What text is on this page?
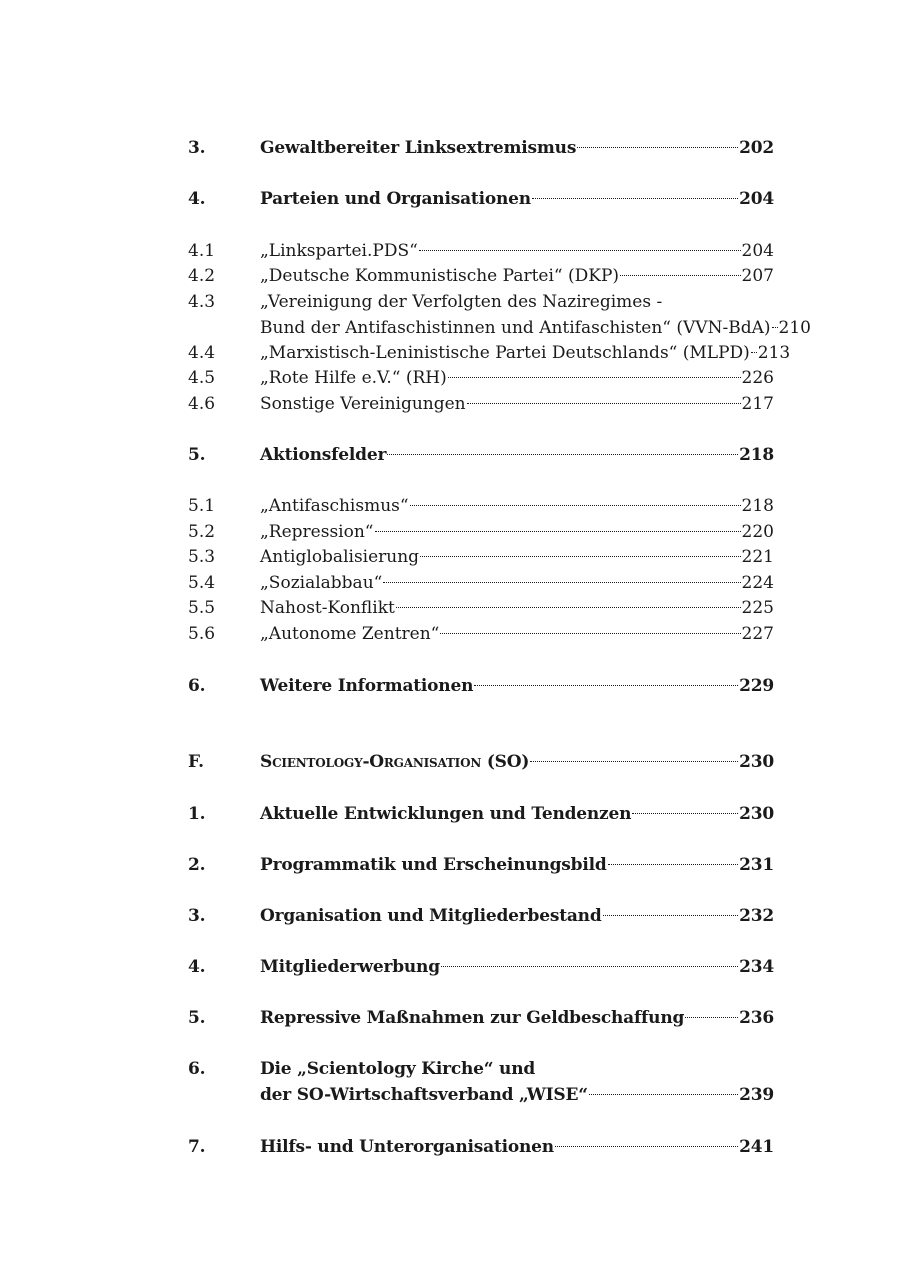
3.	Gewaltbereiter Linksextremismus	202
4.	Parteien und Organisationen	204
4.1	„Linkspartei.PDS“	204
4.2	„Deutsche Kommunistische Partei“ (DKP)	207
4.3	„Vereinigung der Verfolgten des Naziregimes -
Bund der Antifaschistinnen und Antifaschisten“ (VVN-BdA) 210
4.4	„Marxistisch-Leninistische Partei Deutschlands“ (MLPD) 213
4.5	„Rote Hilfe e.V.“ (RH)	226
4.6	Sonstige Vereinigungen	217
5.	Aktionsfelder	218
5.1	„Antifaschismus“	218
5.2	„Repression“	220
5.3	Antiglobalisierung	221
5.4	„Sozialabbau“	224
5.5	Nahost-Konflikt	225
5.6	„Autonome Zentren“	227
6.	Weitere Informationen	229
F.	Scientology-Organisation (SO)	230
1.	Aktuelle Entwicklungen und Tendenzen	230
2.	Programmatik und Erscheinungsbild	231
3.	Organisation und Mitgliederbestand	232
4.	Mitgliederwerbung	234
5.	Repressive Maßnahmen zur Geldbeschaffung	236
6.	Die „Scientology Kirche“ und
der SO-Wirtschaftsverband „WISE“	239
7.	Hilfs- und Unterorganisationen	241
